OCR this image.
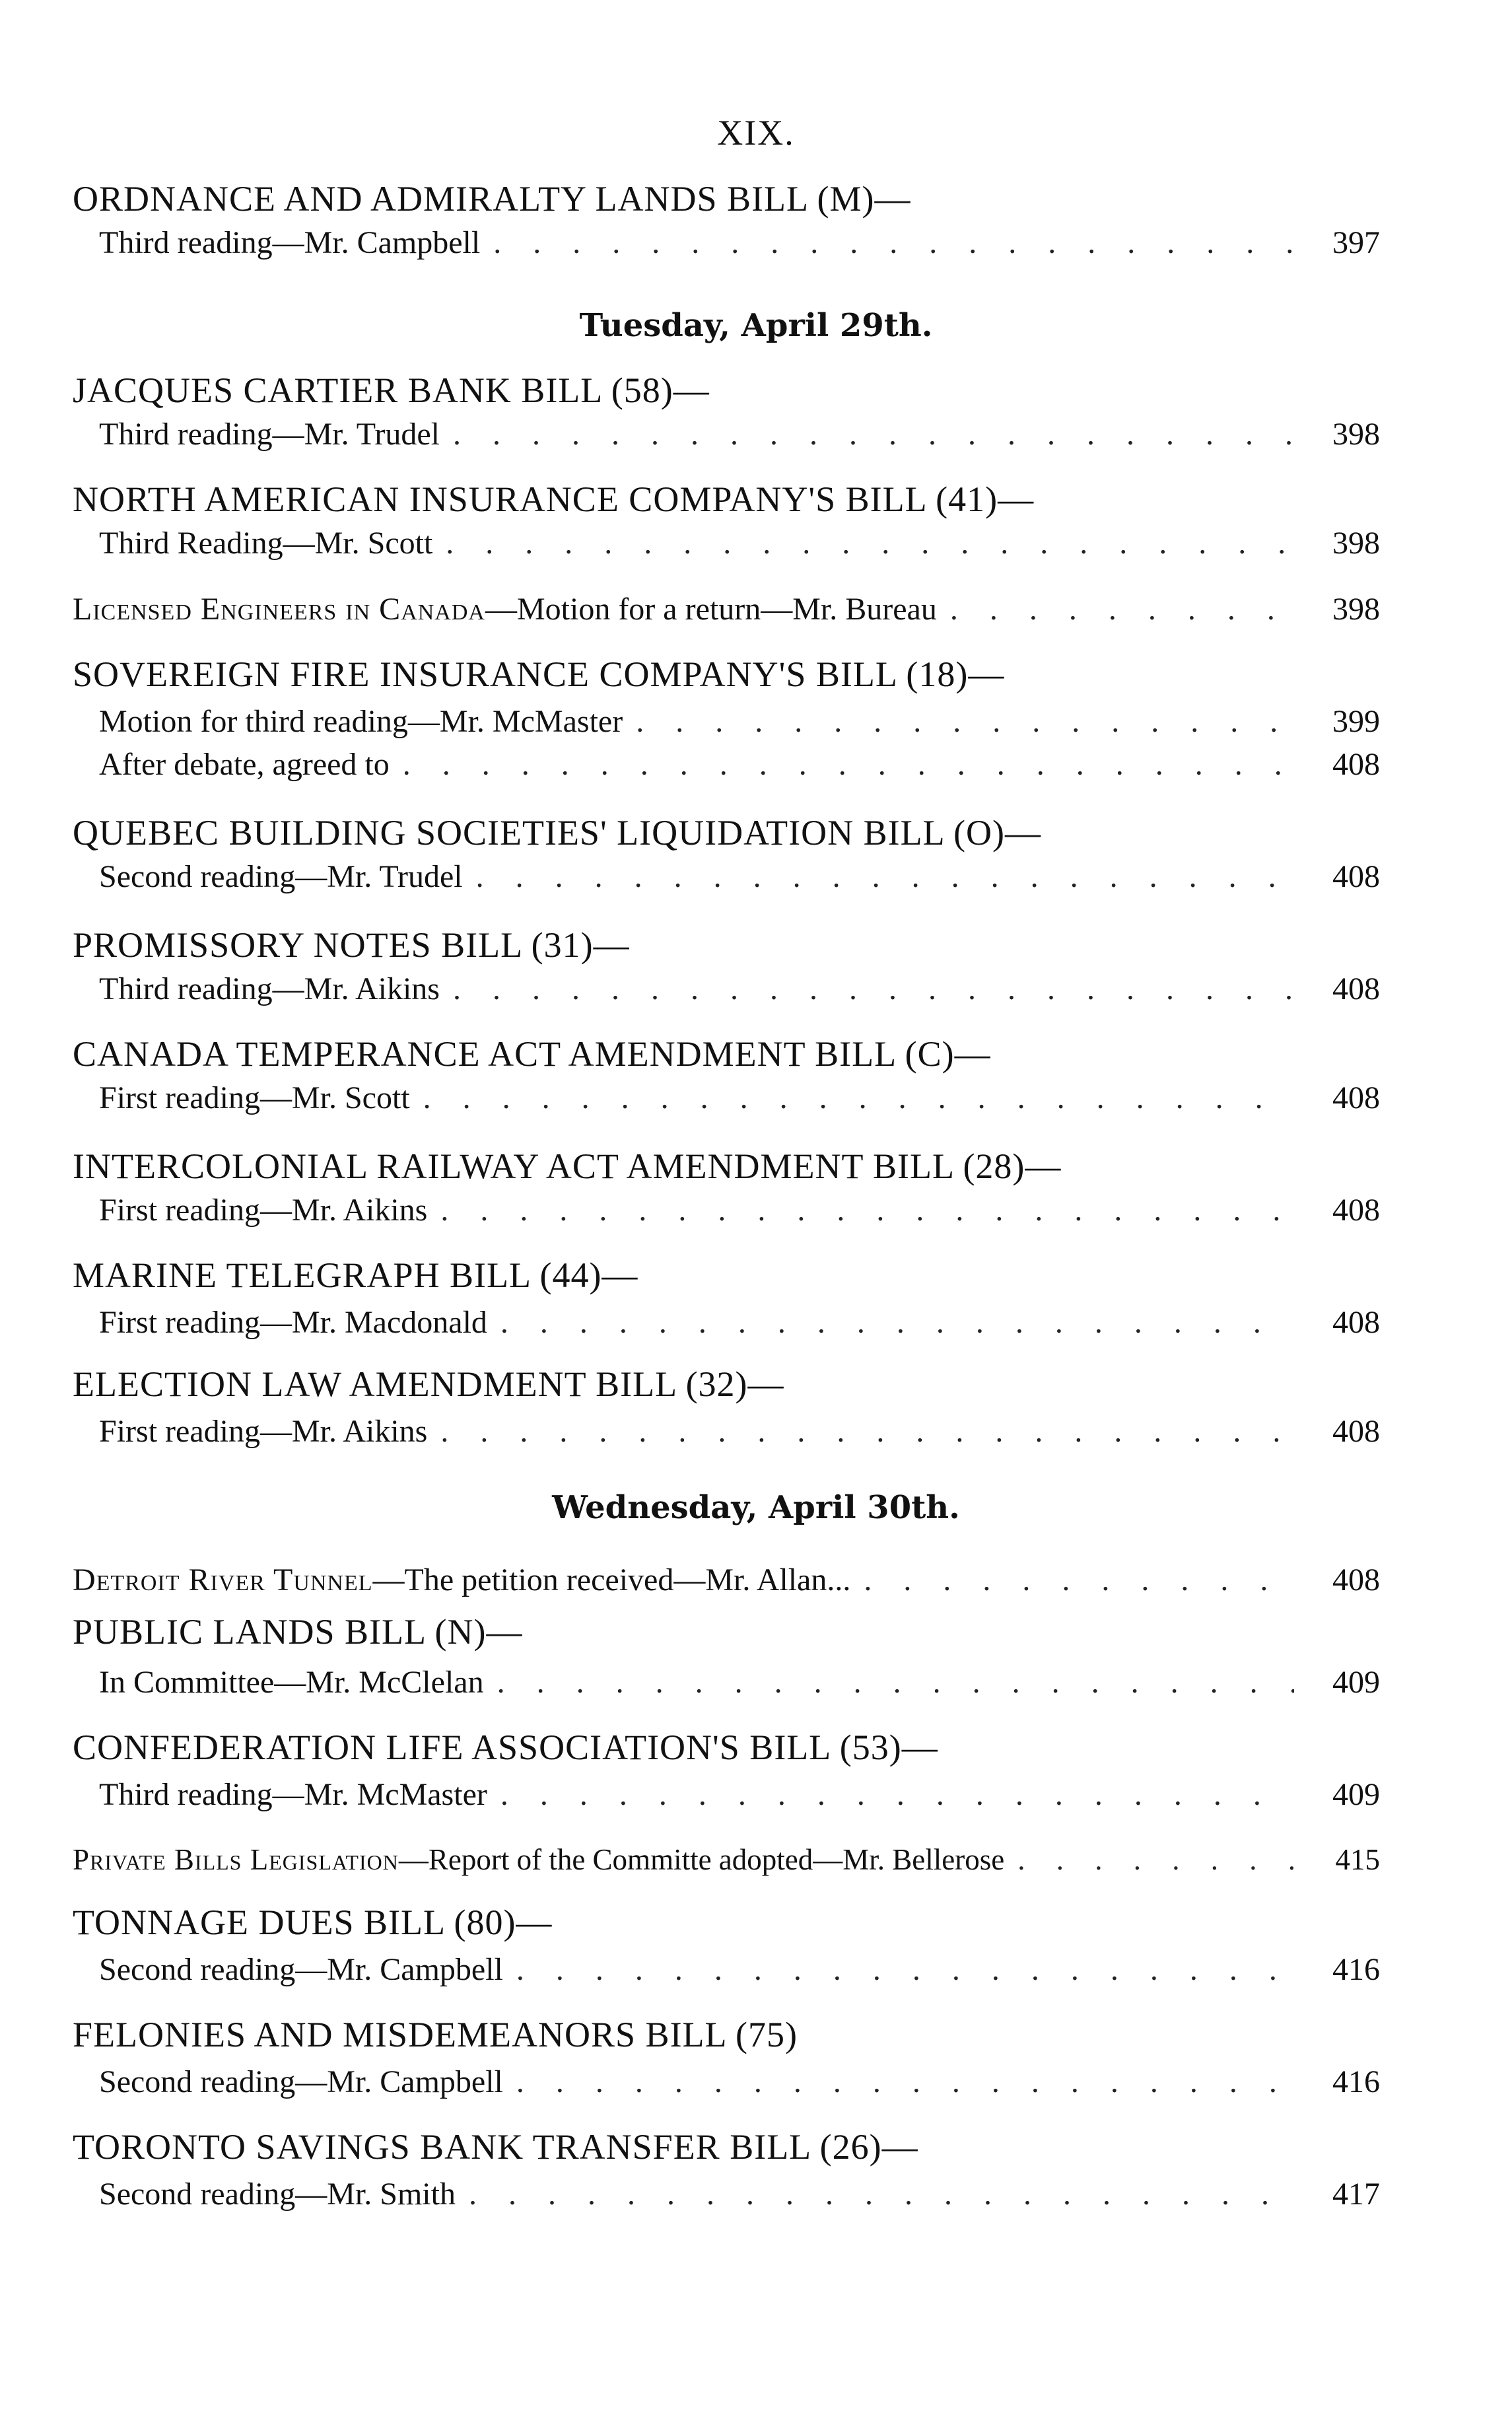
XIX.
ORDNANCE AND ADMIRALTY LANDS BILL (M)—
Third reading—Mr. Campbell . . .	397
Tuesday, April 29th.
JACQUES CARTIER BANK BILL (58)—
Third reading—Mr. Trudel . . .	398
NORTH AMERICAN INSURANCE COMPANY'S BILL (41)—
Third Reading—Mr. Scott . . .	398
Licensed Engineers in Canada—Motion for a return—Mr. Bureau . . .	398
SOVEREIGN FIRE INSURANCE COMPANY'S BILL (18)—
Motion for third reading—Mr. McMaster . . .	399
After debate, agreed to . . .	408
QUEBEC BUILDING SOCIETIES' LIQUIDATION BILL (O)—
Second reading—Mr. Trudel . . .	408
PROMISSORY NOTES BILL (31)—
Third reading—Mr. Aikins . . .	408
CANADA TEMPERANCE ACT AMENDMENT BILL (C)—
First reading—Mr. Scott . . .	408
INTERCOLONIAL RAILWAY ACT AMENDMENT BILL (28)—
First reading—Mr. Aikins . . .	408
MARINE TELEGRAPH BILL (44)—
First reading—Mr. Macdonald . . .	408
ELECTION LAW AMENDMENT BILL (32)—
First reading—Mr. Aikins . . .	408
Wednesday, April 30th.
Detroit River Tunnel—The petition received—Mr. Allan... . . .	408
PUBLIC LANDS BILL (N)—
In Committee—Mr. McClelan . . .	409
CONFEDERATION LIFE ASSOCIATION'S BILL (53)—
Third reading—Mr. McMaster . . .	409
Private Bills Legislation—Report of the Committe adopted—Mr. Bellerose . . .	415
TONNAGE DUES BILL (80)—
Second reading—Mr. Campbell . . .	416
FELONIES AND MISDEMEANORS BILL (75)
Second reading—Mr. Campbell . . .	416
TORONTO SAVINGS BANK TRANSFER BILL (26)—
Second reading—Mr. Smith . . .	417
